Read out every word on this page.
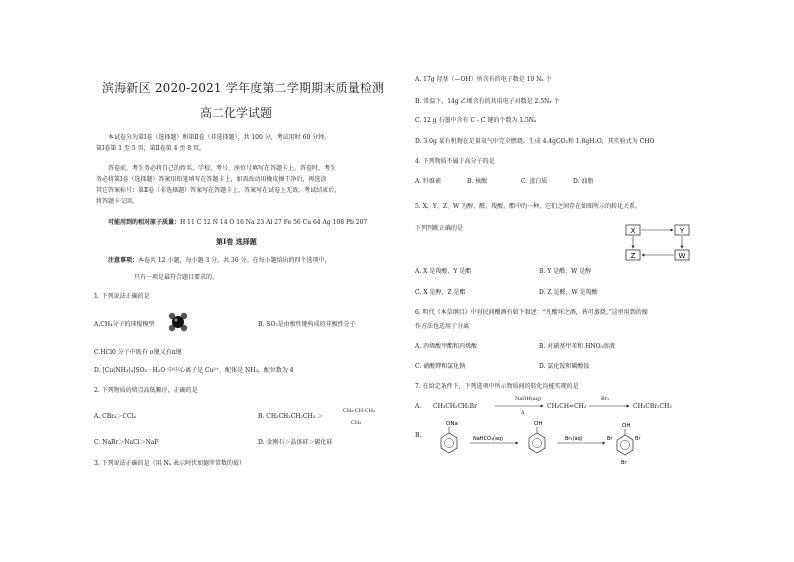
滨海新区 2020-2021 学年度第二学期期末质量检测
高二化学试题
本试卷分为第Ⅰ卷（选择题）和第Ⅱ卷（非选择题），共 100 分，考试用时 60 分钟。
第Ⅰ卷第 1 至 5 页，第Ⅱ卷第 4 至 8 页。
答卷前，考生务必将自己的姓名、学校、考号、座位号填写在答题卡上。答卷时，考生
务必将第Ⅰ卷（选择题）答案用铅笔填写在答题卡上，如需改动用橡皮擦干净后，再选涂
其它答案标号；第Ⅱ卷（非选择题）答案写在答题卡上，答案写在试卷上无效。考试结束后，
将答题卡交回。
可能用到的相对原子质量：H 11 C 12 N 14 O 16 Na 23 Al 27 Fe 56 Cu 64 Ag 108 Pb 207
第Ⅰ卷 选择题
注意事项：本卷共 12 小题，每小题 3 分，共 36 分。在每小题给出的四个选项中，
只有一项是最符合题目要求的。
1. 下列说法正确的是
A.CH₄分子的球棍模型	B. SO₂是由极性键构成的非极性分子
C.HCl0 分子中既有 σ键又有π键
D. [Cu(NH₃)₄]SO₄ · H₂O 中中心离子是 Cu²⁺，配体是 NH₃，配位数为 4
2. 下列物质的熔点高低顺序，正确的是
A. CBr₄＞CCl₄	B. CH₃CH₂CH₂CH₃ ＞
CH₃-CH-CH₃
CH₃
C. NaBr＞NaCl＞NaF	D. 金刚石＞晶体硅＞碳化硅
3. 下列说法正确的是（用 Nₐ 表示阿伏加德罗常数的值）
A. 17g 羟基（—OH）所含有的电子数是 10 Nₐ 个
B. 常温下，14g 乙烯含有的共用电子对数是 2.5Nₐ 个
C. 12 g 石墨中含有 C - C 键的个数为 1.5Nₐ
D. 3.0g 某有机物在足量氧气中完全燃烧，生成 4.4gCO₂和 1.8gH₂O，其实验式为 CHO
4. 下列物质不属于高分子的是
A. 纤维素	B. 核酸	C. 蛋白质	D. 油脂
5. X、Y、Z、W 为醇、醛、羧酸、酯中的一种，它们之间存在如图所示的转化关系。
下列判断正确的是	X	Y
Z	W
A. X 是羧酸，Y 是酯	B. Y 是醛，W 是醇
C. X 是醇，Z 是酯	D. Z 是醛，W 是羧酸
6. 明代《本草纲目》中对民间酿酒有如下叙述：“凡酸坏之酒，皆可蒸烧。”这里用到的操
作方法也适用于分离
A. 丙烯酸甲酯和丙烯酸	B. 对硝基甲苯和 HNO₃溶液
C. 硝酸钾和氯化钠	D. 氯化铵和碳酸铵
7. 在给定条件下，下列选项中所示物质间的转化均能实现的是
A. CH₃CH₂CH₂Br
NaOH(aq)
Δ
CH₃CH=CH₂
Br₂
CH₃CBr₂CH₃
B.
ONa
NaHCO₃(aq)
OH
Br₂(aq)
OH
Br	Br
Br
